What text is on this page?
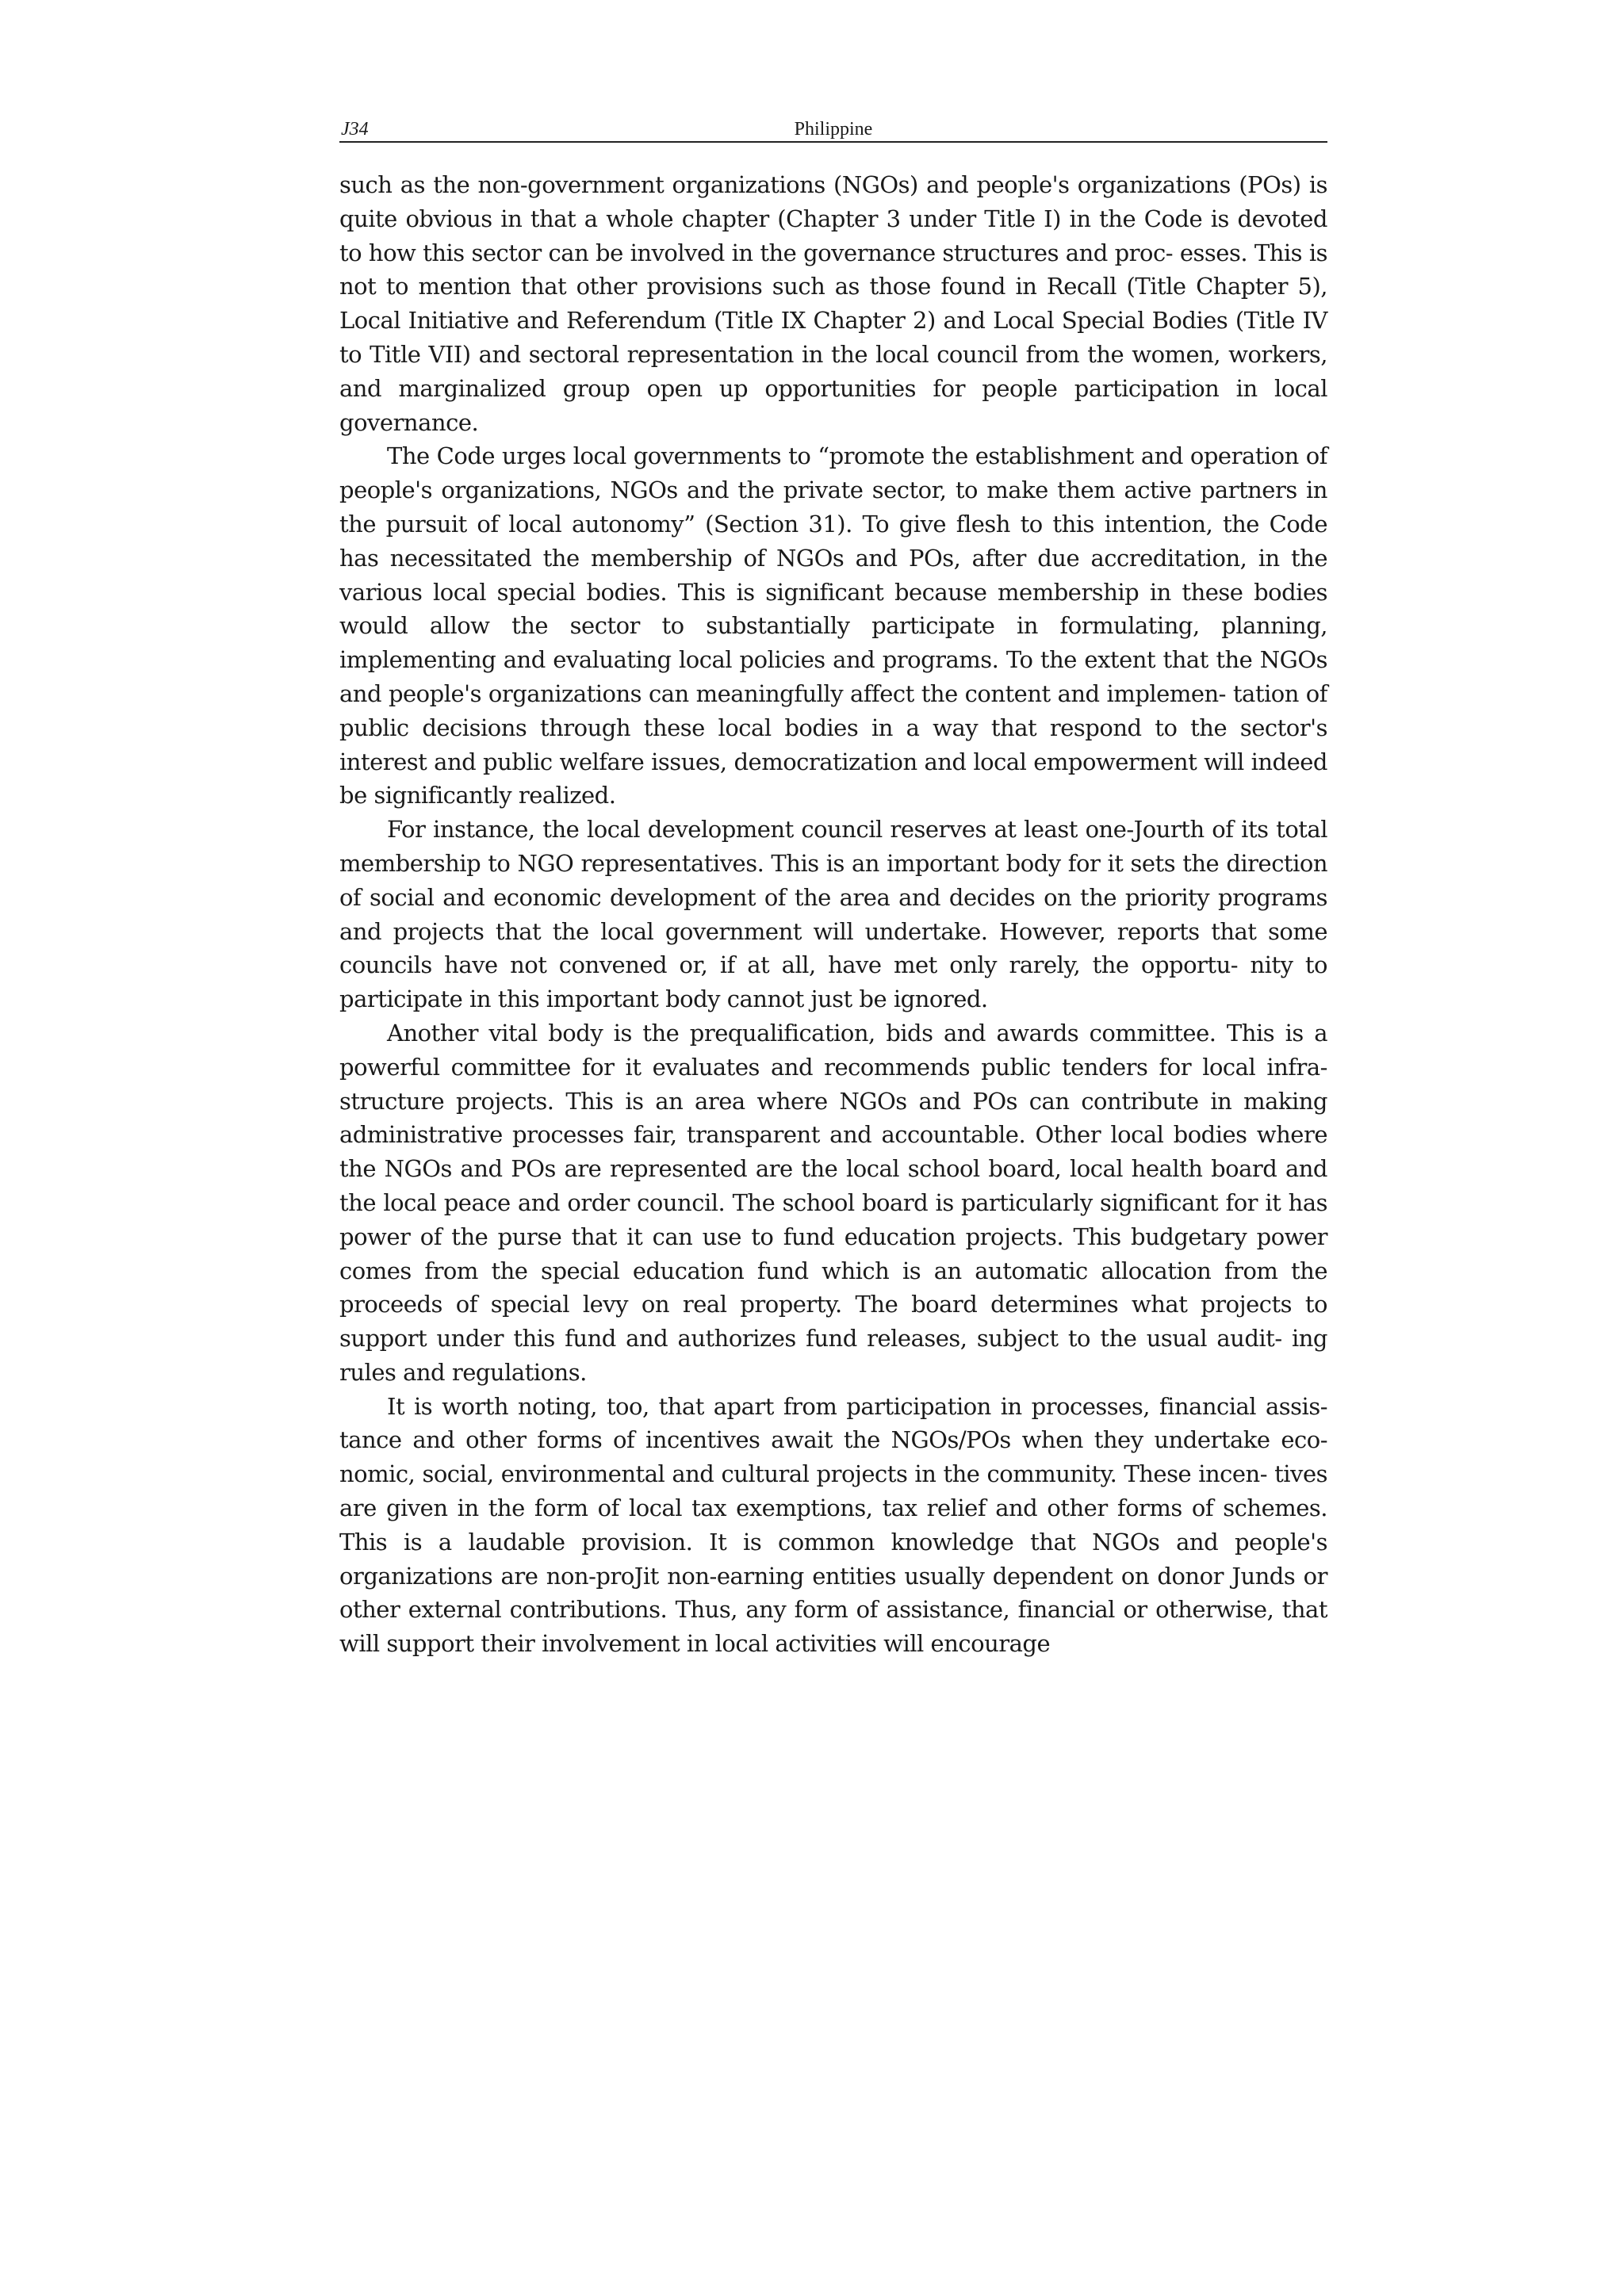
Philippine
J34

such as the non-government organizations (NGOs) and people's organizations (POs) is quite obvious in that a whole chapter (Chapter 3 under Title I) in the Code is devoted to how this sector can be involved in the governance structures and proc- esses. This is not to mention that other provisions such as those found in Recall (Title Chapter 5), Local Initiative and Referendum (Title IX Chapter 2) and Local Special Bodies (Title IV to Title VII) and sectoral representation in the local council from the women, workers, and marginalized group open up opportunities for people participation in local governance.

The Code urges local governments to “promote the establishment and operation of people's organizations, NGOs and the private sector, to make them active partners in the pursuit of local autonomy” (Section 31). To give flesh to this intention, the Code has necessitated the membership of NGOs and POs, after due accreditation, in the various local special bodies. This is significant because membership in these bodies would allow the sector to substantially participate in formulating, planning, implementing and evaluating local policies and programs. To the extent that the NGOs and people's organizations can meaningfully affect the content and implemen- tation of public decisions through these local bodies in a way that respond to the sector's interest and public welfare issues, democratization and local empowerment will indeed be significantly realized.

For instance, the local development council reserves at least one-Jourth of its total membership to NGO representatives. This is an important body for it sets the direction of social and economic development of the area and decides on the priority programs and projects that the local government will undertake. However, reports that some councils have not convened or, if at all, have met only rarely, the opportu- nity to participate in this important body cannot just be ignored.

Another vital body is the prequalification, bids and awards committee. This is a powerful committee for it evaluates and recommends public tenders for local infra- structure projects. This is an area where NGOs and POs can contribute in making administrative processes fair, transparent and accountable. Other local bodies where the NGOs and POs are represented are the local school board, local health board and the local peace and order council. The school board is particularly significant for it has power of the purse that it can use to fund education projects. This budgetary power comes from the special education fund which is an automatic allocation from the proceeds of special levy on real property. The board determines what projects to support under this fund and authorizes fund releases, subject to the usual audit- ing rules and regulations.

It is worth noting, too, that apart from participation in processes, financial assis- tance and other forms of incentives await the NGOs/POs when they undertake eco- nomic, social, environmental and cultural projects in the community. These incen- tives are given in the form of local tax exemptions, tax relief and other forms of schemes. This is a laudable provision. It is common knowledge that NGOs and people's organizations are non-proJit non-earning entities usually dependent on donor Junds or other external contributions. Thus, any form of assistance, financial or otherwise, that will support their involvement in local activities will encourage
